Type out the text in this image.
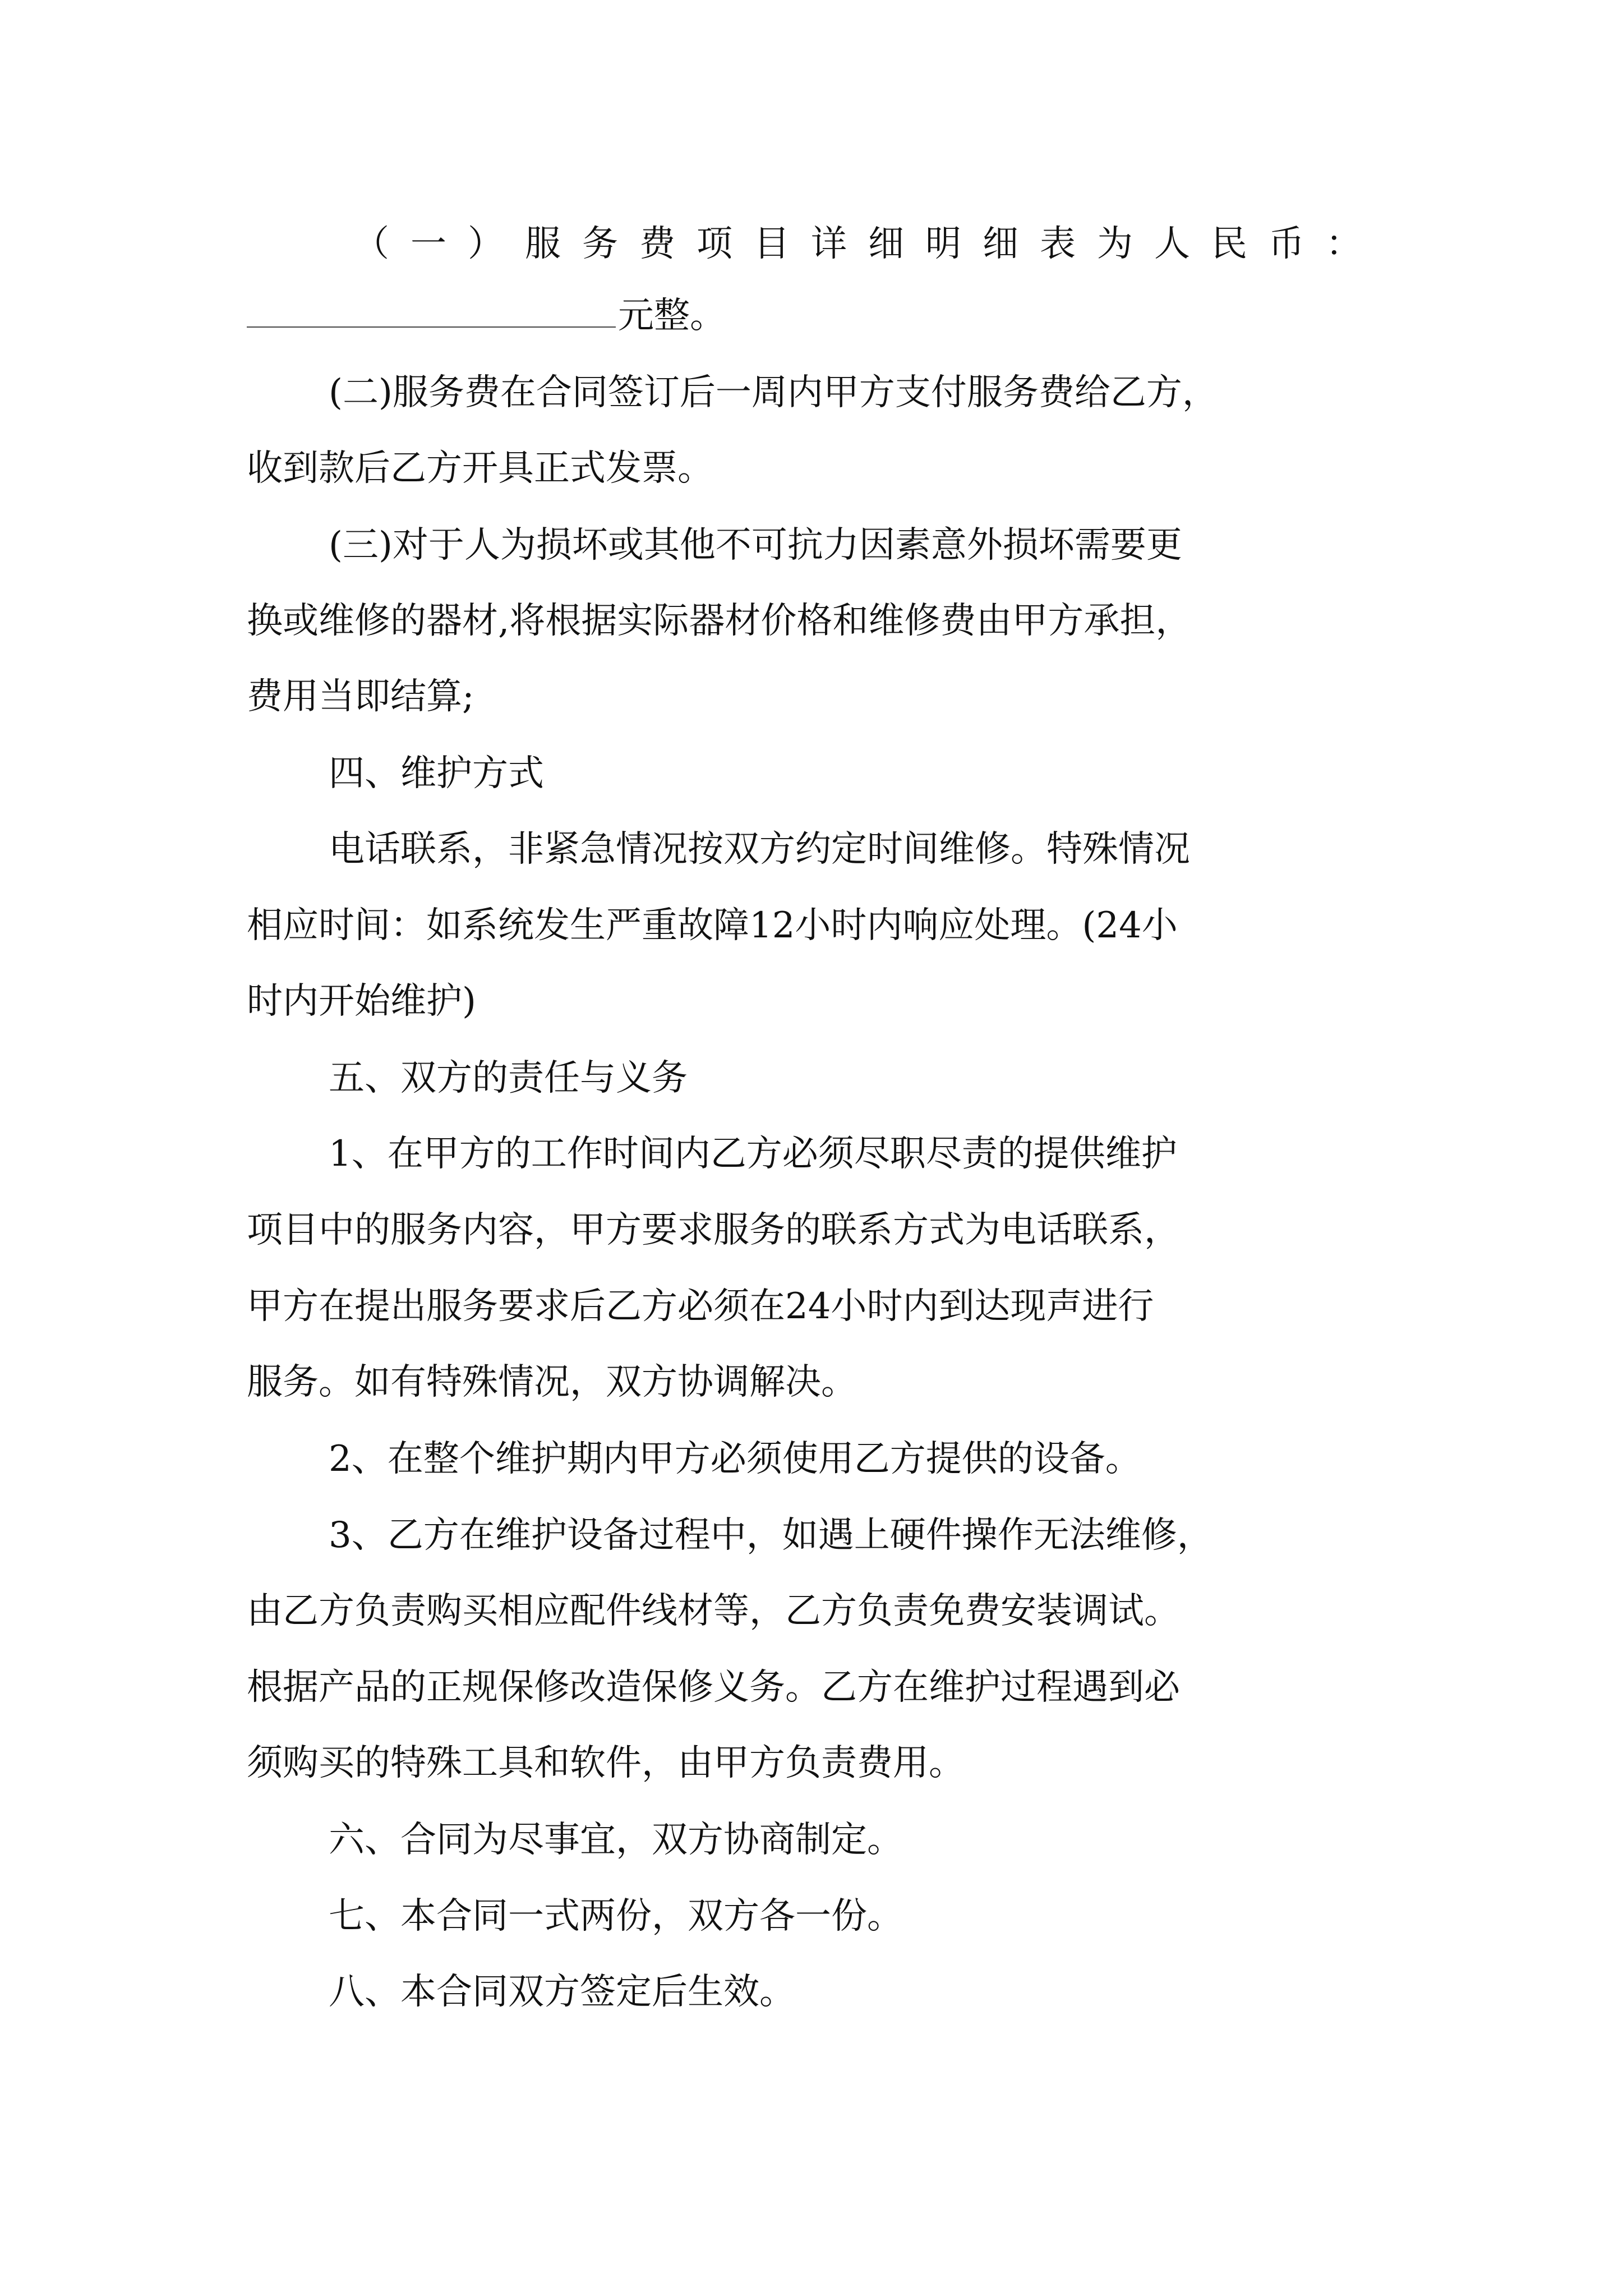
（一）服务费项目详细明细表为人民币：
元整。
(二)服务费在合同签订后一周内甲方支付服务费给乙方，
收到款后乙方开具正式发票。
(三)对于人为损坏或其他不可抗力因素意外损坏需要更
换或维修的器材,将根据实际器材价格和维修费由甲方承担，
费用当即结算;
四、维护方式
电话联系，非紧急情况按双方约定时间维修。特殊情况
相应时间：如系统发生严重故障12小时内响应处理。(24小
时内开始维护)
五、双方的责任与义务
1、在甲方的工作时间内乙方必须尽职尽责的提供维护
项目中的服务内容，甲方要求服务的联系方式为电话联系，
甲方在提出服务要求后乙方必须在24小时内到达现声进行
服务。如有特殊情况，双方协调解决。
2、在整个维护期内甲方必须使用乙方提供的设备。
3、乙方在维护设备过程中，如遇上硬件操作无法维修，
由乙方负责购买相应配件线材等，乙方负责免费安装调试。
根据产品的正规保修改造保修义务。乙方在维护过程遇到必
须购买的特殊工具和软件，由甲方负责费用。
六、合同为尽事宜，双方协商制定。
七、本合同一式两份，双方各一份。
八、本合同双方签定后生效。
